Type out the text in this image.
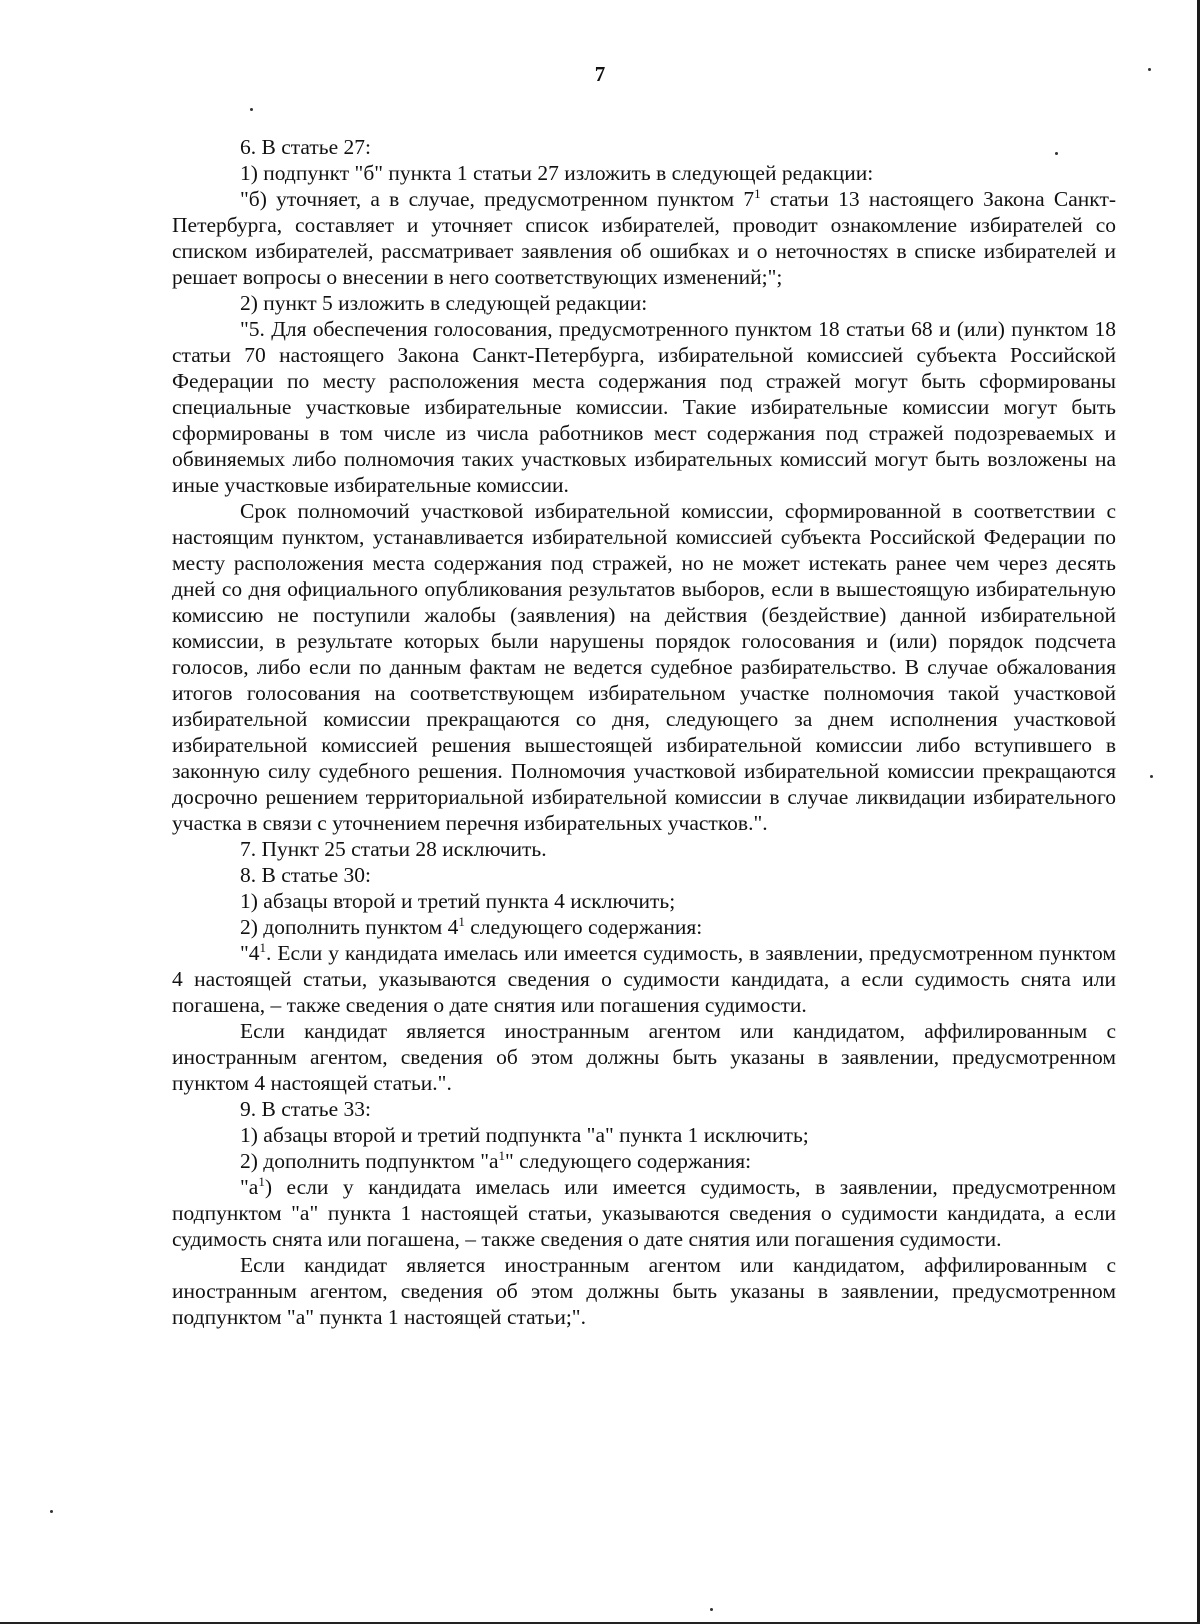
7

6. В статье 27:

1) подпункт "б" пункта 1 статьи 27 изложить в следующей редакции:

"б) уточняет, а в случае, предусмотренном пунктом $7^1$ статьи 13 настоящего Закона Санкт-Петербурга, составляет и уточняет список избирателей, проводит ознакомление избирателей со списком избирателей, рассматривает заявления об ошибках и о неточностях в списке избирателей и решает вопросы о внесении в него соответствующих изменений;";

2) пункт 5 изложить в следующей редакции:

"5. Для обеспечения голосования, предусмотренного пунктом 18 статьи 68 и (или) пунктом 18 статьи 70 настоящего Закона Санкт-Петербурга, избирательной комиссией субъекта Российской Федерации по месту расположения места содержания под стражей могут быть сформированы специальные участковые избирательные комиссии. Такие избирательные комиссии могут быть сформированы в том числе из числа работников мест содержания под стражей подозреваемых и обвиняемых либо полномочия таких участковых избирательных комиссий могут быть возложены на иные участковые избирательные комиссии.

Срок полномочий участковой избирательной комиссии, сформированной в соответствии с настоящим пунктом, устанавливается избирательной комиссией субъекта Российской Федерации по месту расположения места содержания под стражей, но не может истекать ранее чем через десять дней со дня официального опубликования результатов выборов, если в вышестоящую избирательную комиссию не поступили жалобы (заявления) на действия (бездействие) данной избирательной комиссии, в результате которых были нарушены порядок голосования и (или) порядок подсчета голосов, либо если по данным фактам не ведется судебное разбирательство. В случае обжалования итогов голосования на соответствующем избирательном участке полномочия такой участковой избирательной комиссии прекращаются со дня, следующего за днем исполнения участковой избирательной комиссией решения вышестоящей избирательной комиссии либо вступившего в законную силу судебного решения. Полномочия участковой избирательной комиссии прекращаются досрочно решением территориальной избирательной комиссии в случае ликвидации избирательного участка в связи с уточнением перечня избирательных участков.".

7. Пункт 25 статьи 28 исключить.

8. В статье 30:

1) абзацы второй и третий пункта 4 исключить;

2) дополнить пунктом $4^1$ следующего содержания:

"$4^1$. Если у кандидата имелась или имеется судимость, в заявлении, предусмотренном пунктом 4 настоящей статьи, указываются сведения о судимости кандидата, а если судимость снята или погашена, – также сведения о дате снятия или погашения судимости.

Если кандидат является иностранным агентом или кандидатом, аффилированным с иностранным агентом, сведения об этом должны быть указаны в заявлении, предусмотренном пунктом 4 настоящей статьи.".

9. В статье 33:

1) абзацы второй и третий подпункта "а" пункта 1 исключить;

2) дополнить подпунктом "$а^1$" следующего содержания:

"$а^1$) если у кандидата имелась или имеется судимость, в заявлении, предусмотренном подпунктом "а" пункта 1 настоящей статьи, указываются сведения о судимости кандидата, а если судимость снята или погашена, – также сведения о дате снятия или погашения судимости.

Если кандидат является иностранным агентом или кандидатом, аффилированным с иностранным агентом, сведения об этом должны быть указаны в заявлении, предусмотренном подпунктом "а" пункта 1 настоящей статьи;".
